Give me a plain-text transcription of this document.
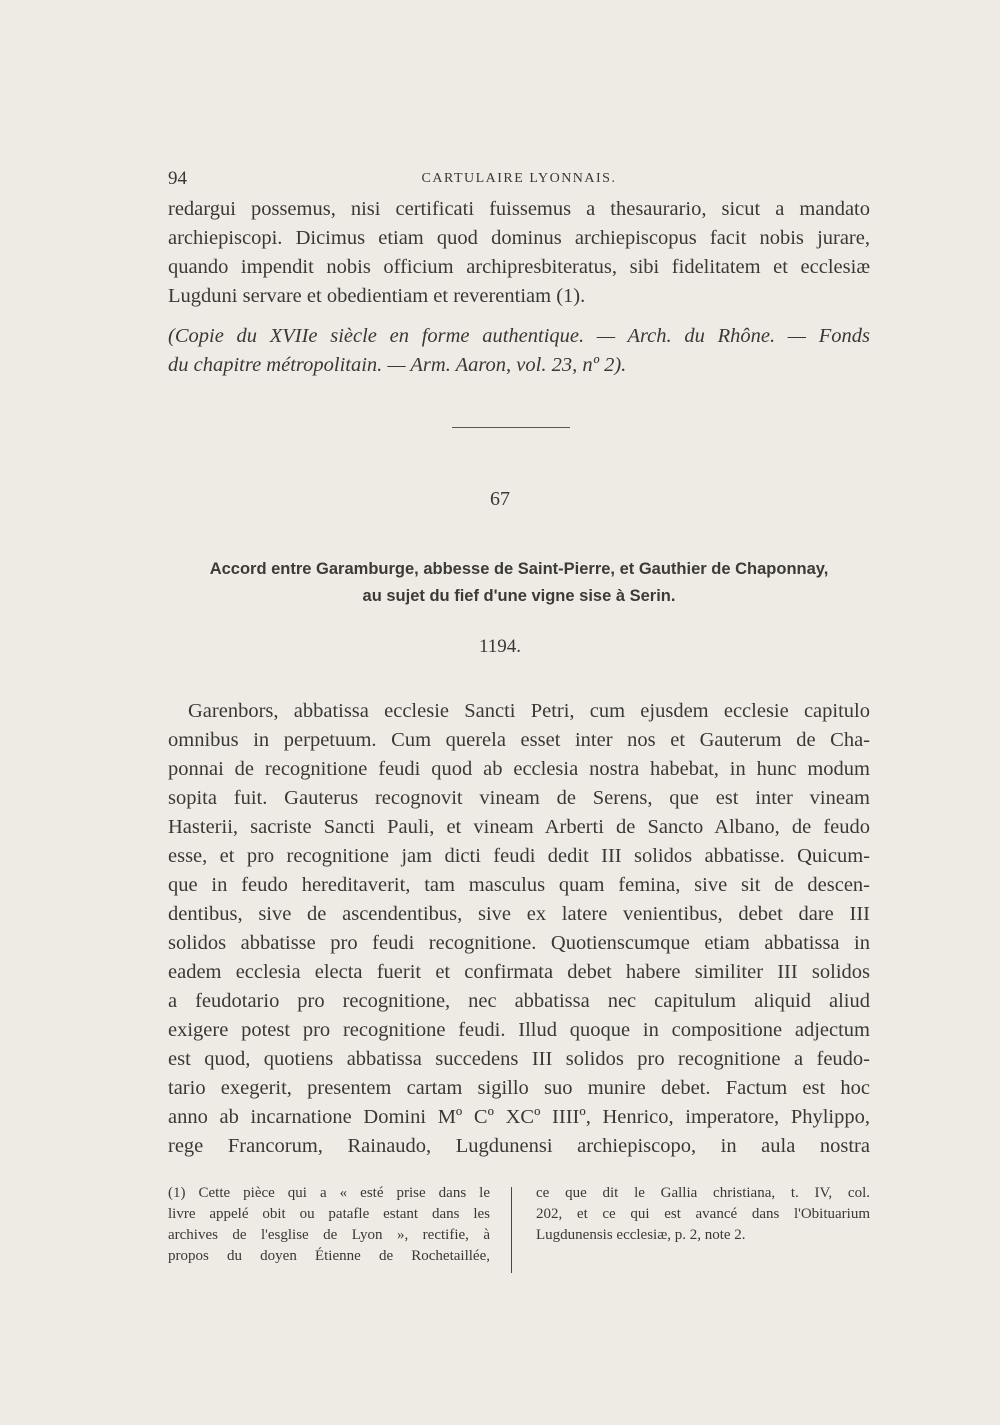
94	CARTULAIRE LYONNAIS.
redargui possemus, nisi certificati fuissemus a thesaurario, sicut a mandato
archiepiscopi. Dicimus etiam quod dominus archiepiscopus facit nobis jurare,
quando impendit nobis officium archipresbiteratus, sibi fidelitatem et ecclesiæ
Lugduni servare et obedientiam et reverentiam (1).
(Copie du XVIIe siècle en forme authentique. — Arch. du Rhône. — Fonds
du chapitre métropolitain. — Arm. Aaron, vol. 23, nº 2).
67
Accord entre Garamburge, abbesse de Saint-Pierre, et Gauthier de Chaponnay,
au sujet du fief d'une vigne sise à Serin.
1194.
Garenbors, abbatissa ecclesie Sancti Petri, cum ejusdem ecclesie capitulo
omnibus in perpetuum. Cum querela esset inter nos et Gauterum de Cha-
ponnai de recognitione feudi quod ab ecclesia nostra habebat, in hunc modum
sopita fuit. Gauterus recognovit vineam de Serens, que est inter vineam
Hasterii, sacriste Sancti Pauli, et vineam Arberti de Sancto Albano, de feudo
esse, et pro recognitione jam dicti feudi dedit III solidos abbatisse. Quicum-
que in feudo hereditaverit, tam masculus quam femina, sive sit de descen-
dentibus, sive de ascendentibus, sive ex latere venientibus, debet dare III
solidos abbatisse pro feudi recognitione. Quotienscumque etiam abbatissa in
eadem ecclesia electa fuerit et confirmata debet habere similiter III solidos
a feudotario pro recognitione, nec abbatissa nec capitulum aliquid aliud
exigere potest pro recognitione feudi. Illud quoque in compositione adjectum
est quod, quotiens abbatissa succedens III solidos pro recognitione a feudo-
tario exegerit, presentem cartam sigillo suo munire debet. Factum est hoc
anno ab incarnatione Domini Mº Cº XCº IIIIº, Henrico, imperatore, Phylippo,
rege Francorum, Rainaudo, Lugdunensi archiepiscopo, in aula nostra
(1) Cette pièce qui a « esté prise dans le
livre appelé obit ou patafle estant dans les
archives de l'esglise de Lyon », rectifie, à
propos du doyen Étienne de Rochetaillée,
ce que dit le Gallia christiana, t. IV, col.
202, et ce qui est avancé dans l'Obituarium
Lugdunensis ecclesiæ, p. 2, note 2.
